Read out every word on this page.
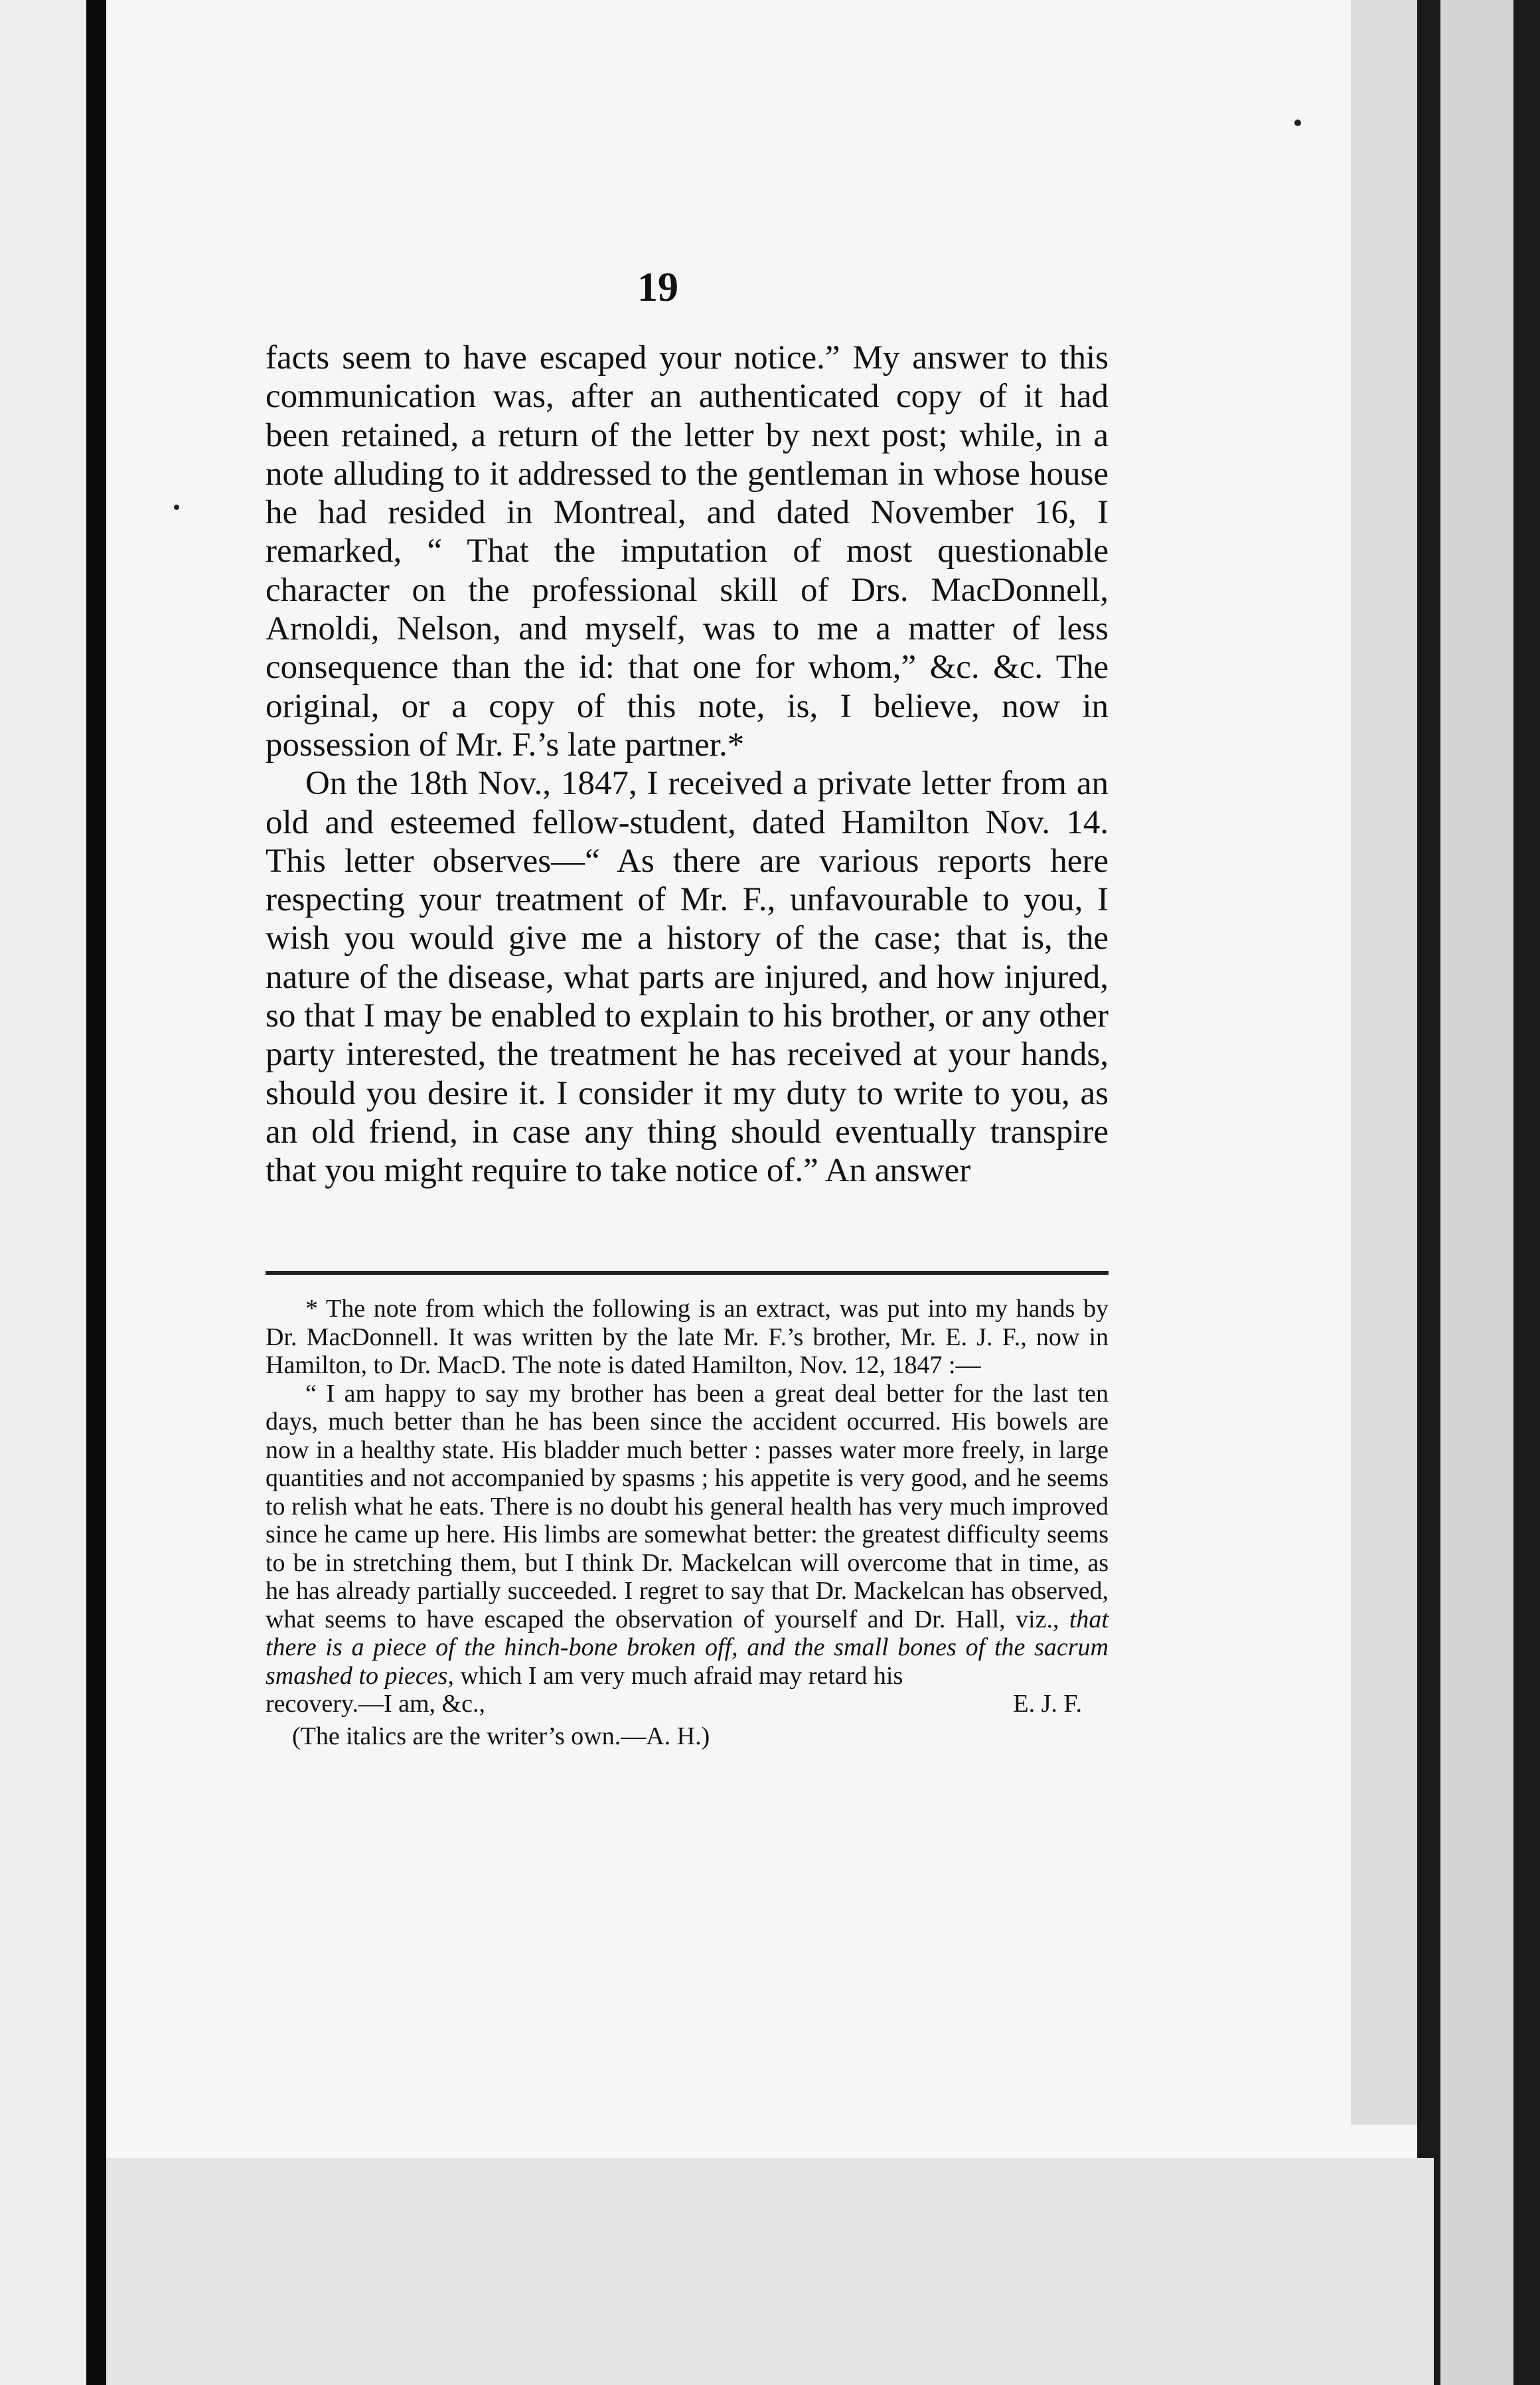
19

facts seem to have escaped your notice.” My answer to this communication was, after an authenticated copy of it had been retained, a return of the letter by next post; while, in a note alluding to it addressed to the gentleman in whose house he had resided in Montreal, and dated November 16, I remarked, “ That the imputation of most questionable character on the professional skill of Drs. MacDonnell, Arnoldi, Nelson, and myself, was to me a matter of less consequence than the id: that one for whom,” &c. &c. The original, or a copy of this note, is, I believe, now in possession of Mr. F.’s late partner.*

On the 18th Nov., 1847, I received a private letter from an old and esteemed fellow-student, dated Hamilton Nov. 14. This letter observes—“ As there are various reports here respecting your treatment of Mr. F., unfavourable to you, I wish you would give me a history of the case; that is, the nature of the disease, what parts are injured, and how injured, so that I may be enabled to explain to his brother, or any other party interested, the treatment he has received at your hands, should you desire it. I consider it my duty to write to you, as an old friend, in case any thing should eventually transpire that you might require to take notice of.” An answer

* The note from which the following is an extract, was put into my hands by Dr. MacDonnell. It was written by the late Mr. F.’s brother, Mr. E. J. F., now in Hamilton, to Dr. MacD. The note is dated Hamilton, Nov. 12, 1847 :—

“ I am happy to say my brother has been a great deal better for the last ten days, much better than he has been since the accident occurred. His bowels are now in a healthy state. His bladder much better : passes water more freely, in large quantities and not accompanied by spasms ; his appetite is very good, and he seems to relish what he eats. There is no doubt his general health has very much improved since he came up here. His limbs are somewhat better: the greatest difficulty seems to be in stretching them, but I think Dr. Mackelcan will overcome that in time, as he has already partially succeeded. I regret to say that Dr. Mackelcan has observed, what seems to have escaped the observation of yourself and Dr. Hall, viz., that there is a piece of the hinch-bone broken off, and the small bones of the sacrum smashed to pieces, which I am very much afraid may retard his

recovery.—I am, &c.,	E. J. F.

(The italics are the writer’s own.—A. H.)
